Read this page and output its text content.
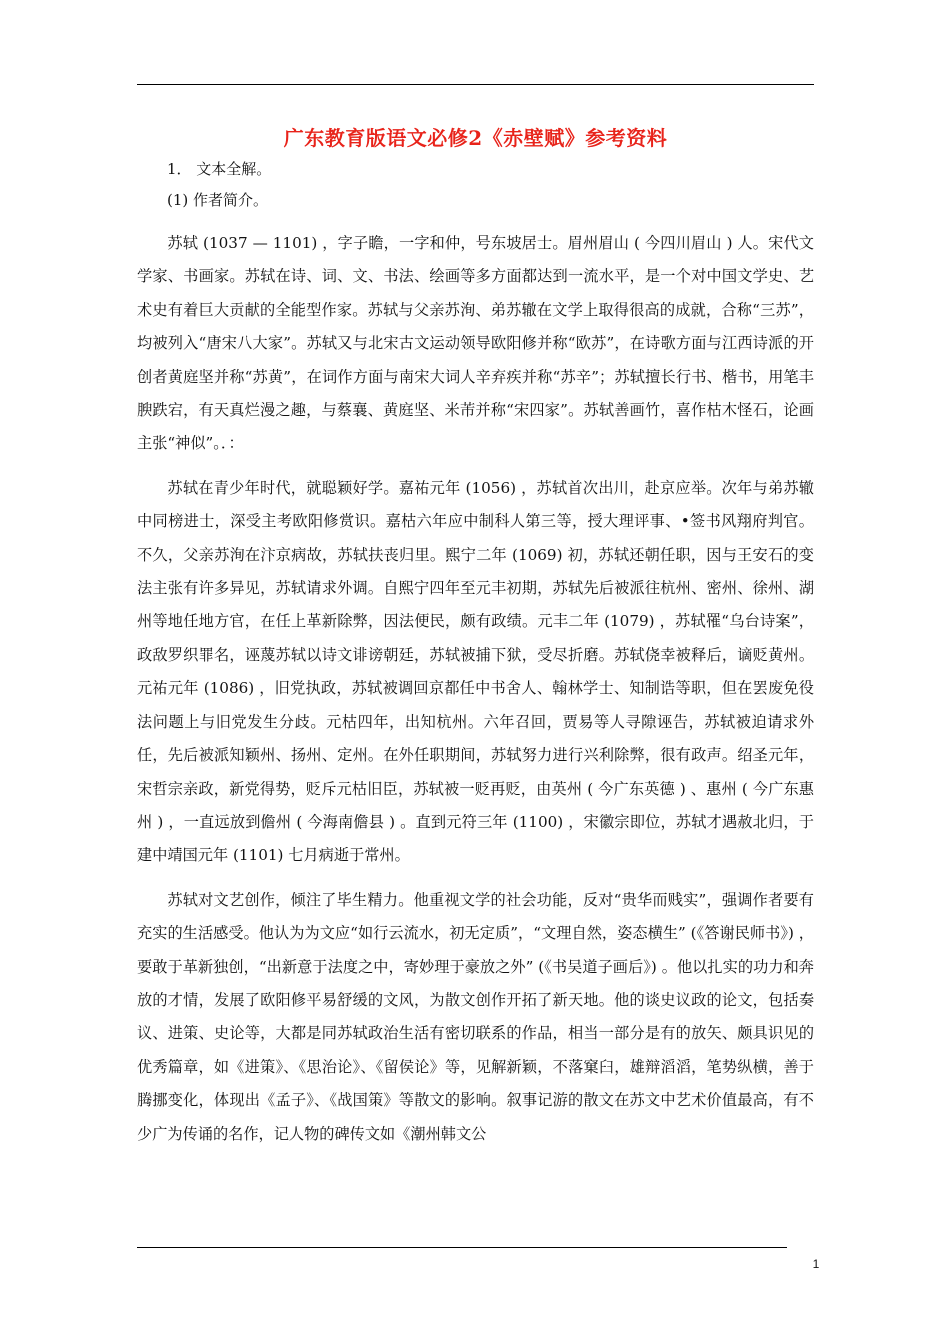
广东教育版语文必修2《赤壁赋》参考资料

1． 文本全解。

(1) 作者简介。

苏轼 (1037 — 1101) ，字子瞻，一字和仲，号东坡居士。眉州眉山 ( 今四川眉山 ) 人。宋代文学家、书画家。苏轼在诗、词、文、书法、绘画等多方面都达到一流水平，是一个对中国文学史、艺术史有着巨大贡献的全能型作家。苏轼与父亲苏洵、弟苏辙在文学上取得很高的成就，合称“三苏”，均被列入“唐宋八大家”。苏轼又与北宋古文运动领导欧阳修并称“欧苏”，在诗歌方面与江西诗派的开创者黄庭坚并称“苏黄”，在词作方面与南宋大词人辛弃疾并称“苏辛”；苏轼擅长行书、楷书，用笔丰腴跌宕，有天真烂漫之趣，与蔡襄、黄庭坚、米芾并称“宋四家”。苏轼善画竹，喜作枯木怪石，论画主张“神似”。．：

苏轼在青少年时代，就聪颖好学。嘉祐元年 (1056) ，苏轼首次出川，赴京应举。次年与弟苏辙中同榜进士，深受主考欧阳修赏识。嘉枯六年应中制科人第三等，授大理评事、•签书风翔府判官。不久，父亲苏洵在汴京病故，苏轼扶丧归里。熙宁二年 (1069) 初，苏轼还朝任职，因与王安石的变法主张有许多异见，苏轼请求外调。自熙宁四年至元丰初期，苏轼先后被派往杭州、密州、徐州、湖州等地任地方官，在任上革新除弊，因法便民，颇有政绩。元丰二年 (1079) ，苏轼罹“乌台诗案”，政敌罗织罪名，诬蔑苏轼以诗文诽谤朝廷，苏轼被捕下狱，受尽折磨。苏轼侥幸被释后，谪贬黄州。元祐元年 (1086) ，旧党执政，苏轼被调回京都任中书舍人、翰林学士、知制诰等职，但在罢废免役法问题上与旧党发生分歧。元枯四年，出知杭州。六年召回，贾易等人寻隙诬告，苏轼被迫请求外任，先后被派知颖州、扬州、定州。在外任职期间，苏轼努力进行兴利除弊，很有政声。绍圣元年，宋哲宗亲政，新党得势，贬斥元枯旧臣，苏轼被一贬再贬，由英州 ( 今广东英德 ) 、惠州 ( 今广东惠州 ) ，一直远放到儋州 ( 今海南儋县 ) 。直到元符三年 (1100) ，宋徽宗即位，苏轼才遇赦北归，于建中靖国元年 (1101) 七月病逝于常州。

苏轼对文艺创作，倾注了毕生精力。他重视文学的社会功能，反对“贵华而贱实”，强调作者要有充实的生活感受。他认为为文应“如行云流水，初无定质”，“文理自然，姿态横生” (《答谢民师书》) ，要敢于革新独创，“出新意于法度之中，寄妙理于豪放之外” (《书吴道子画后》) 。他以扎实的功力和奔放的才情，发展了欧阳修平易舒缓的文风，为散文创作开拓了新天地。他的谈史议政的论文，包括奏议、进策、史论等，大都是同苏轼政治生活有密切联系的作品，相当一部分是有的放矢、颇具识见的优秀篇章，如《进策》、《思治论》、《留侯论》等，见解新颖，不落窠臼，雄辩滔滔，笔势纵横，善于腾挪变化，体现出《孟子》、《战国策》等散文的影响。叙事记游的散文在苏文中艺术价值最高，有不少广为传诵的名作，记人物的碑传文如《潮州韩文公

1
